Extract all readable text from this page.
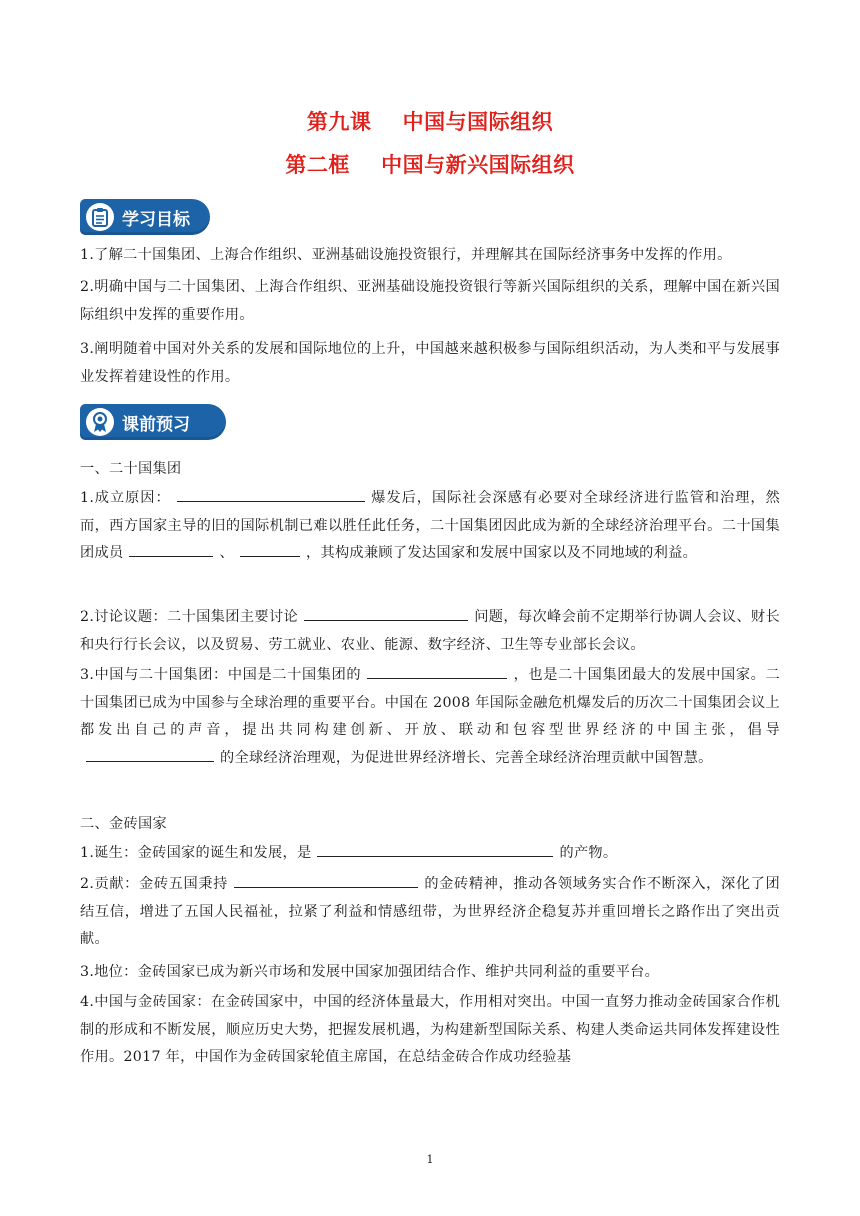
第九课    中国与国际组织
第二框    中国与新兴国际组织
学习目标
1.了解二十国集团、上海合作组织、亚洲基础设施投资银行，并理解其在国际经济事务中发挥的作用。
2.明确中国与二十国集团、上海合作组织、亚洲基础设施投资银行等新兴国际组织的关系，理解中国在新兴国际组织中发挥的重要作用。
3.阐明随着中国对外关系的发展和国际地位的上升，中国越来越积极参与国际组织活动，为人类和平与发展事业发挥着建设性的作用。
课前预习
一、二十国集团
1.成立原因：	爆发后，国际社会深感有必要对全球经济进行监管和治理，然而，西方国家主导的旧的国际机制已难以胜任此任务，二十国集团因此成为新的全球经济治理平台。二十国集团成员	、	，其构成兼顾了发达国家和发展中国家以及不同地域的利益。
2.讨论议题：二十国集团主要讨论	问题，每次峰会前不定期举行协调人会议、财长和央行行长会议，以及贸易、劳工就业、农业、能源、数字经济、卫生等专业部长会议。
3.中国与二十国集团：中国是二十国集团的	，也是二十国集团最大的发展中国家。二十国集团已成为中国参与全球治理的重要平台。中国在 2008 年国际金融危机爆发后的历次二十国集团会议上都发出自己的声音，提出共同构建创新、开放、联动和包容型世界经济的中国主张，倡导的全球经济治理观，为促进世界经济增长、完善全球经济治理贡献中国智慧。
二、金砖国家
1.诞生：金砖国家的诞生和发展，是	的产物。
2.贡献：金砖五国秉持	的金砖精神，推动各领域务实合作不断深入，深化了团结互信，增进了五国人民福祉，拉紧了利益和情感纽带，为世界经济企稳复苏并重回增长之路作出了突出贡献。
3.地位：金砖国家已成为新兴市场和发展中国家加强团结合作、维护共同利益的重要平台。
4.中国与金砖国家：在金砖国家中，中国的经济体量最大，作用相对突出。中国一直努力推动金砖国家合作机制的形成和不断发展，顺应历史大势，把握发展机遇，为构建新型国际关系、构建人类命运共同体发挥建设性作用。2017 年，中国作为金砖国家轮值主席国，在总结金砖合作成功经验基
1
